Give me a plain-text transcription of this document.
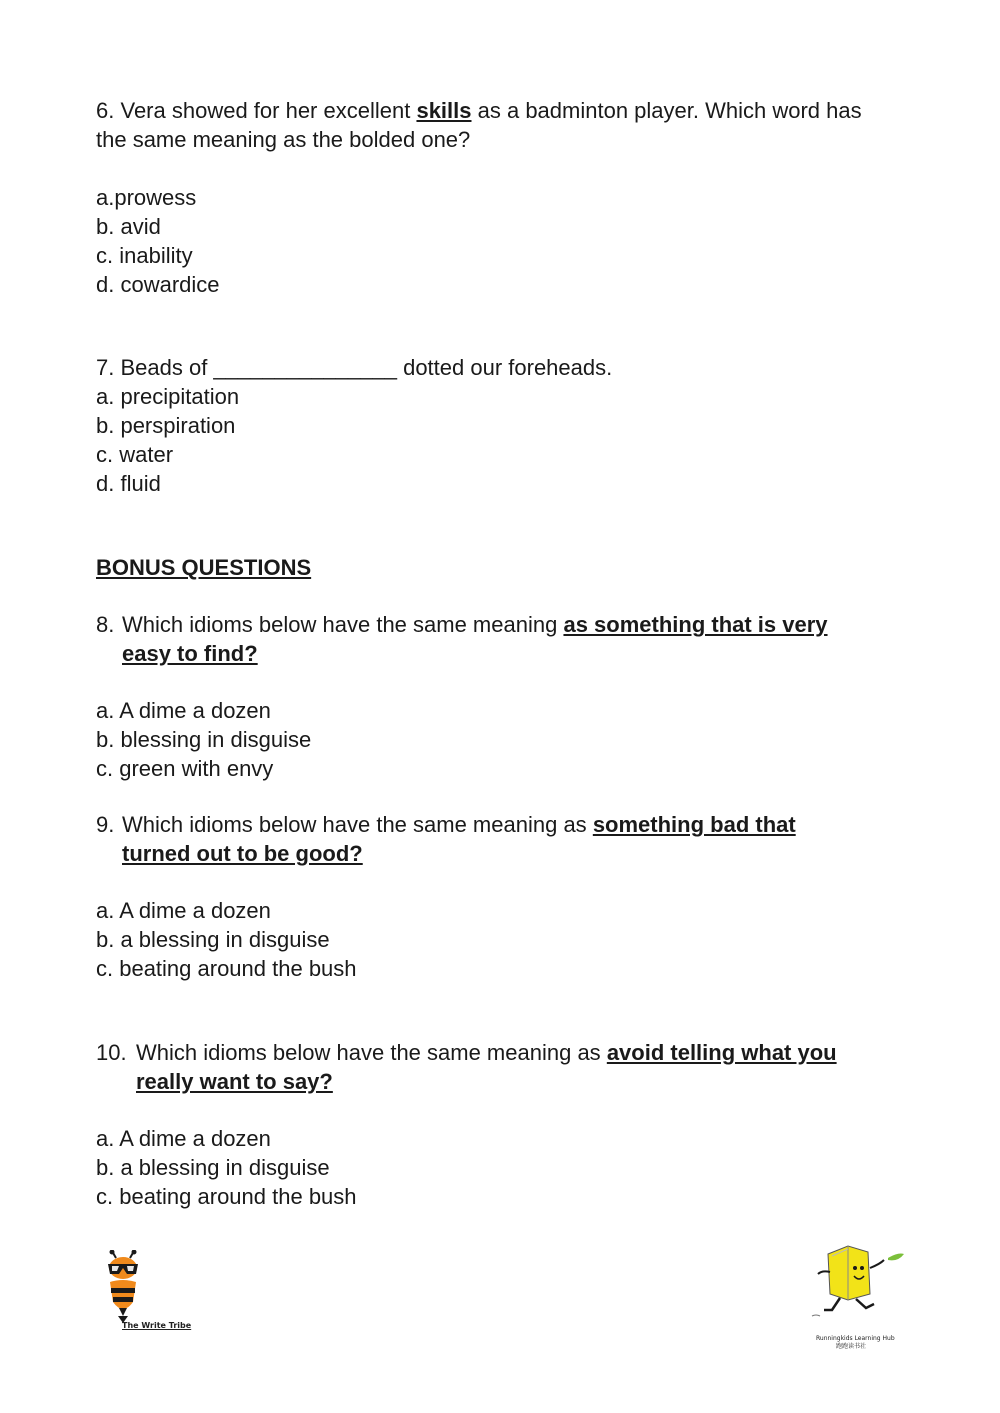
6. Vera showed for her excellent skills as a badminton player. Which word has the same meaning as the bolded one?
a.prowess
b. avid
c. inability
d. cowardice
7. Beads of _______________ dotted our foreheads.
a. precipitation
b. perspiration
c. water
d. fluid
BONUS QUESTIONS
8. Which idioms below have the same meaning as something that is very easy to find?
a. A dime a dozen
b. blessing in disguise
c. green with envy
9. Which idioms below have the same meaning as something bad that turned out to be good?
a. A dime a dozen
b. a blessing in disguise
c. beating around the bush
10. Which idioms below have the same meaning as avoid telling what you really want to say?
a. A dime a dozen
b. a blessing in disguise
c. beating around the bush
The Write Tribe
Runningkids Learning Hub
跑跑读书社
